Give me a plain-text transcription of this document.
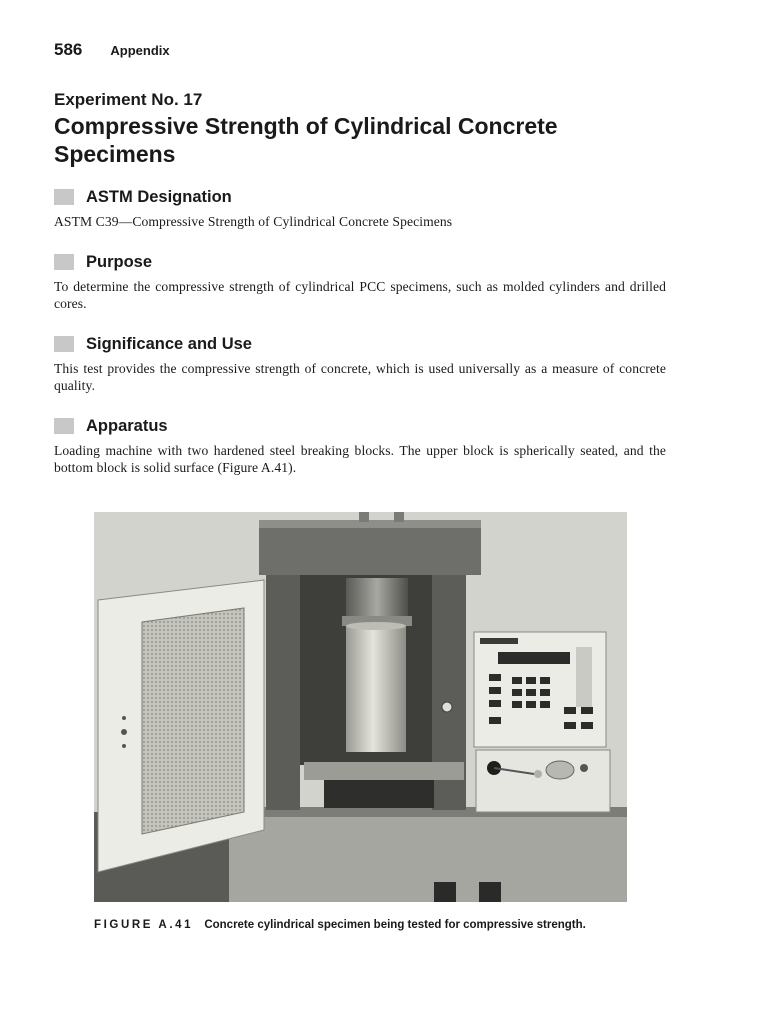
586 Appendix
Experiment No. 17
Compressive Strength of Cylindrical Concrete Specimens
ASTM Designation
ASTM C39—Compressive Strength of Cylindrical Concrete Specimens
Purpose
To determine the compressive strength of cylindrical PCC specimens, such as molded cylinders and drilled cores.
Significance and Use
This test provides the compressive strength of concrete, which is used universally as a measure of concrete quality.
Apparatus
Loading machine with two hardened steel breaking blocks. The upper block is spherically seated, and the bottom block is solid surface (Figure A.41).
FIGURE A.41 Concrete cylindrical specimen being tested for compressive strength.
